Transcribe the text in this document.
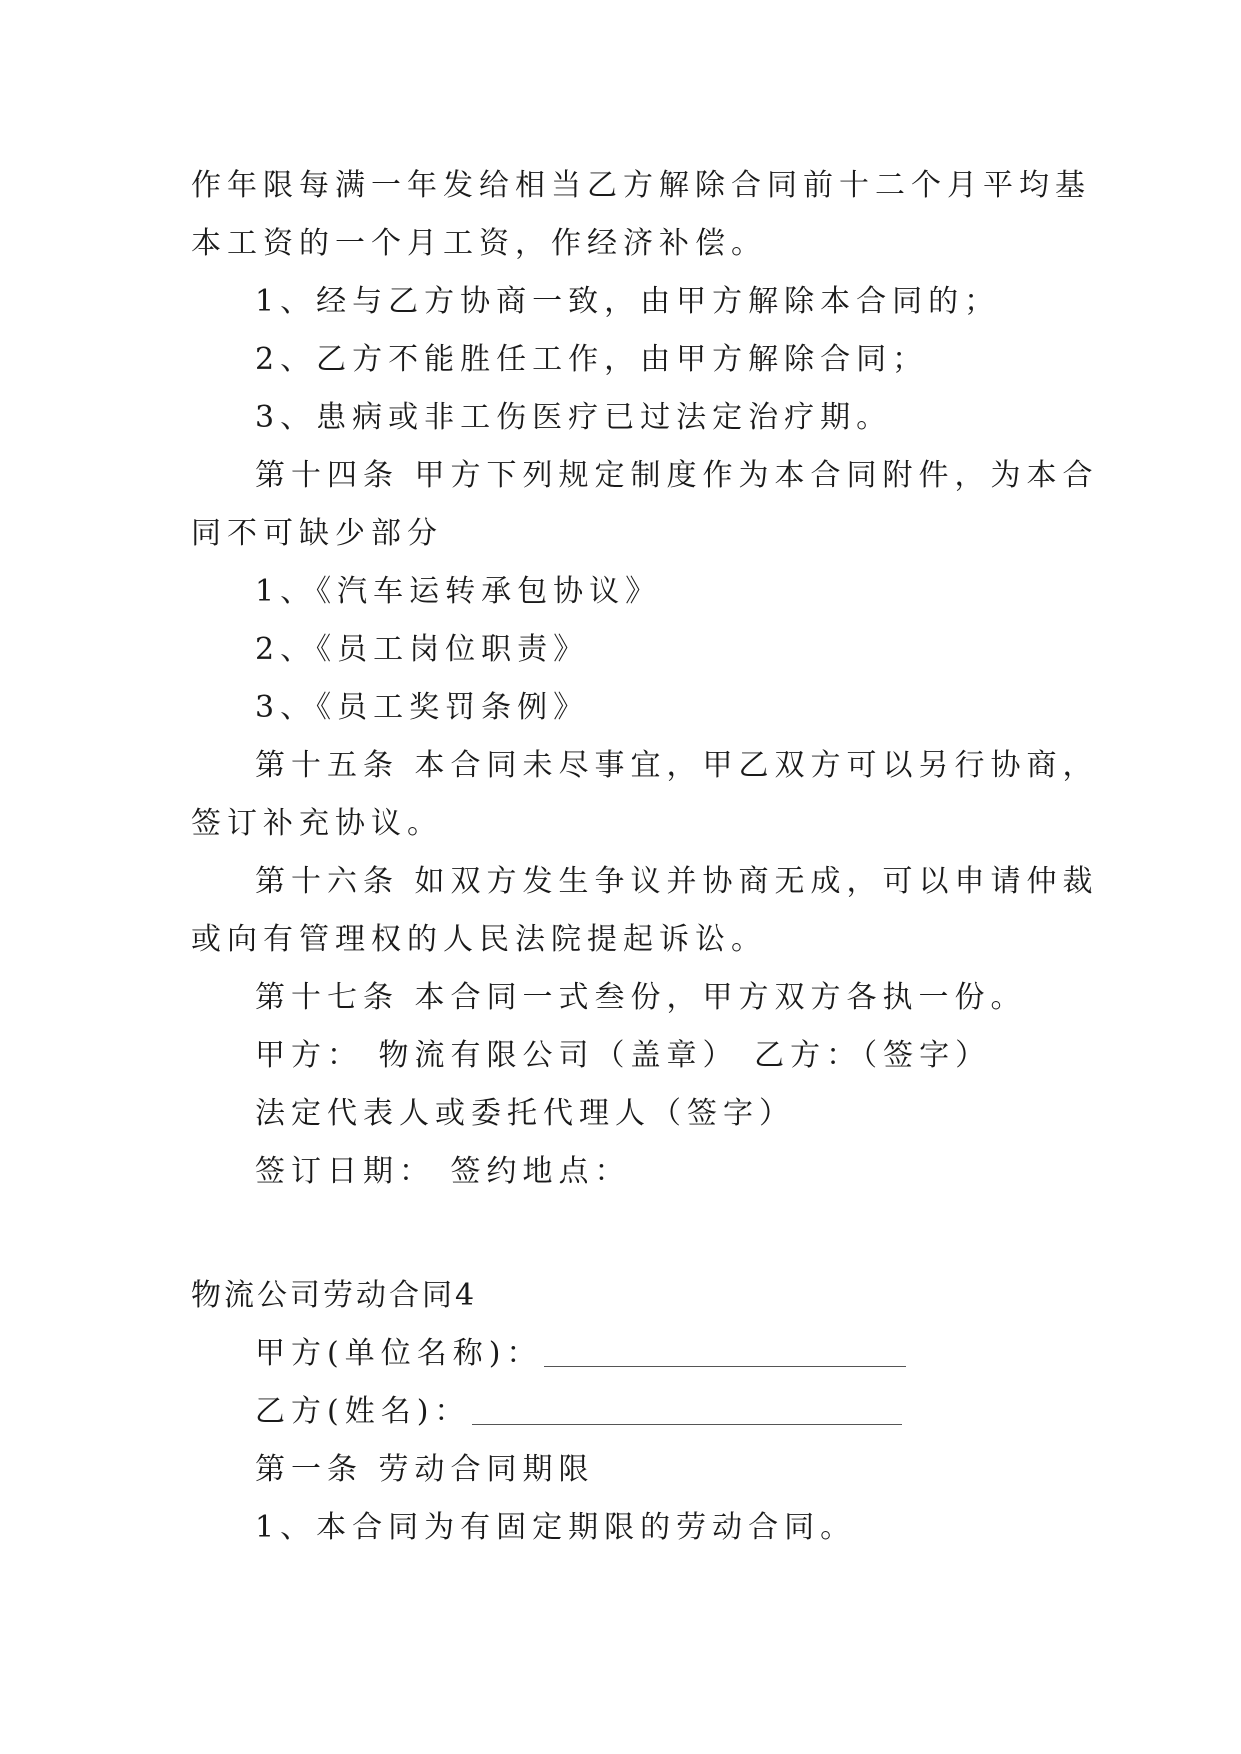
作年限每满一年发给相当乙方解除合同前十二个月平均基
本工资的一个月工资，作经济补偿。
1、经与乙方协商一致，由甲方解除本合同的；
2、乙方不能胜任工作，由甲方解除合同；
3、患病或非工伤医疗已过法定治疗期。
第十四条 甲方下列规定制度作为本合同附件，为本合
同不可缺少部分
1、《汽车运转承包协议》
2、《员工岗位职责》
3、《员工奖罚条例》
第十五条 本合同未尽事宜，甲乙双方可以另行协商，
签订补充协议。
第十六条 如双方发生争议并协商无成，可以申请仲裁
或向有管理权的人民法院提起诉讼。
第十七条 本合同一式叁份，甲方双方各执一份。
甲方： 物流有限公司（盖章） 乙方：（签字）
法定代表人或委托代理人（签字）
签订日期： 签约地点：
物流公司劳动合同4
甲方(单位名称)：
乙方(姓名)：
第一条 劳动合同期限
1、本合同为有固定期限的劳动合同。
